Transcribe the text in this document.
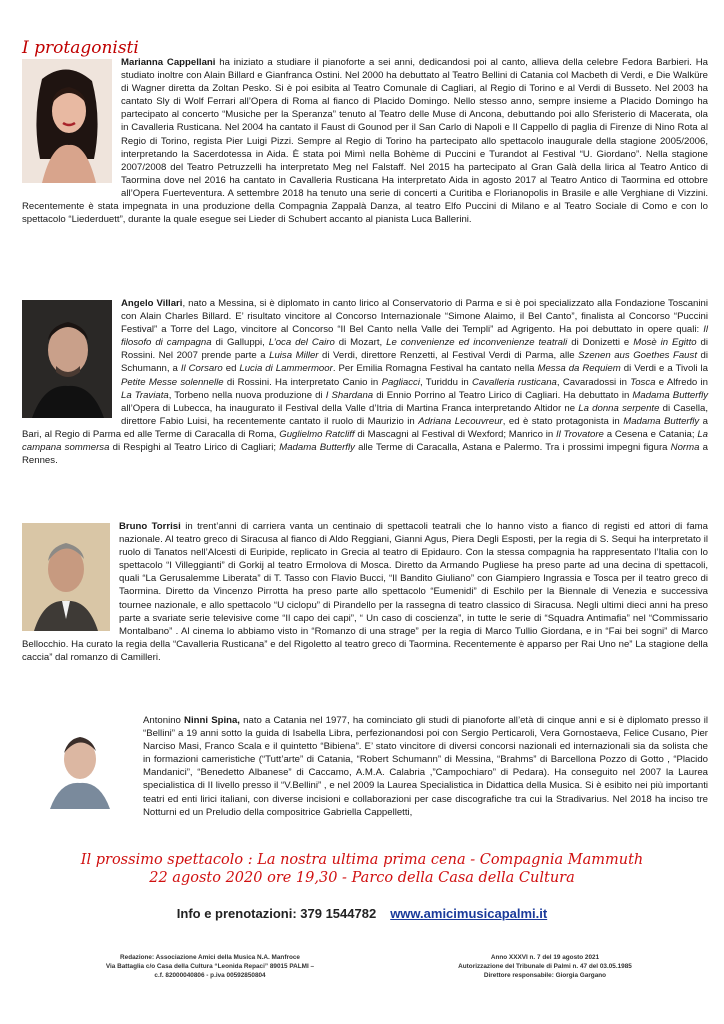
I protagonisti

Marianna Cappellani ha iniziato a studiare il pianoforte a sei anni, dedicandosi poi al canto, allieva della celebre Fedora Barbieri. Ha studiato inoltre con Alain Billard e Gianfranca Ostini. Nel 2000 ha debuttato al Teatro Bellini di Catania col Macbeth di Verdi, e Die Walküre di Wagner diretta da Zoltan Pesko. Si è poi esibita al Teatro Comunale di Cagliari, al Regio di Torino e al Verdi di Busseto. Nel 2003 ha cantato Sly di Wolf Ferrari all’Opera di Roma al fianco di Placido Domingo. Nello stesso anno, sempre insieme a Placido Domingo ha partecipato al concerto “Musiche per la Speranza” tenuto al Teatro delle Muse di Ancona, debuttando poi allo Sferisterio di Macerata, ola in Cavalleria Rusticana. Nel 2004 ha cantato il Faust di Gounod per il San Carlo di Napoli e Il Cappello di paglia di Firenze di Nino Rota al Regio di Torino, regista Pier Luigi Pizzi. Sempre al Regio di Torino ha partecipato allo spettacolo inaugurale della stagione 2005/2006, interpretando la Sacerdotessa in Aida. È stata poi Mimì nella Bohème di Puccini e Turandot al Festival “U. Giordano”. Nella stagione 2007/2008 del Teatro Petruzzelli ha interpretato Meg nel Falstaff. Nel 2015 ha partecipato al Gran Galà della lirica al Teatro Antico di Taormina dove nel 2016 ha cantato in Cavalleria Rusticana Ha interpretato Aida in agosto 2017 al Teatro Antico di Taormina ed ottobre all’Opera Fuerteventura. A settembre 2018 ha tenuto una serie di concerti a Curitiba e Florianopolis in Brasile e alle Verghiane di Vizzini. Recentemente è stata impegnata in una produzione della Compagnia Zappalà Danza, al teatro Elfo Puccini di Milano e al Teatro Sociale di Como e con lo spettacolo “Liederduett”, durante la quale esegue sei Lieder di Schubert accanto al pianista Luca Ballerini.

Angelo Villari, nato a Messina, si è diplomato in canto lirico al Conservatorio di Parma e si è poi specializzato alla Fondazione Toscanini con Alain Charles Billard. E’ risultato vincitore al Concorso Internazionale “Simone Alaimo, il Bel Canto”, finalista al Concorso “Puccini Festival” a Torre del Lago, vincitore al Concorso “Il Bel Canto nella Valle dei Templi” ad Agrigento. Ha poi debuttato in opere quali: Il filosofo di campagna di Galluppi, L’oca del Cairo di Mozart, Le convenienze ed inconvenienze teatrali di Donizetti e Mosè in Egitto di Rossini. Nel 2007 prende parte a Luisa Miller di Verdi, direttore Renzetti, al Festival Verdi di Parma, alle Szenen aus Goethes Faust di Schumann, a Il Corsaro ed Lucia di Lammermoor. Per Emilia Romagna Festival ha cantato nella Messa da Requiem di Verdi e a Tivoli la Petite Messe solennelle di Rossini. Ha interpretato Canio in Pagliacci, Turiddu in Cavalleria rusticana, Cavaradossi in Tosca e Alfredo in La Traviata, Torbeno nella nuova produzione di I Shardana di Ennio Porrino al Teatro Lirico di Cagliari. Ha debuttato in Madama Butterfly all’Opera di Lubecca, ha inaugurato il Festival della Valle d’Itria di Martina Franca interpretando Altidor ne La donna serpente di Casella, direttore Fabio Luisi, ha recentemente cantato il ruolo di Maurizio in Adriana Lecouvreur, ed è stato protagonista in Madama Butterfly a Bari, al Regio di Parma ed alle Terme di Caracalla di Roma, Guglielmo Ratcliff di Mascagni al Festival di Wexford; Manrico in Il Trovatore a Cesena e Catania; La campana sommersa di Respighi al Teatro Lirico di Cagliari; Madama Butterfly alle Terme di Caracalla, Astana e Palermo. Tra i prossimi impegni figura Norma a Rennes.

Bruno Torrisi in trent’anni di carriera vanta un centinaio di spettacoli teatrali che lo hanno visto a fianco di registi ed attori di fama nazionale. Al teatro greco di Siracusa al fianco di Aldo Reggiani, Gianni Agus, Piera Degli Esposti, per la regia di S. Sequi ha interpretato il ruolo di Tanatos nell’Alcesti di Euripide, replicato in Grecia al teatro di Epidauro. Con la stessa compagnia ha rappresentato l’Italia con lo spettacolo “I Villeggianti” di Gorkij al teatro Ermolova di Mosca. Diretto da Armando Pugliese ha preso parte ad una decina di spettacoli, quali “La Gerusalemme Liberata” di T. Tasso con Flavio Bucci, “Il Bandito Giuliano” con Giampiero Ingrassia e Tosca per il teatro greco di Taormina. Diretto da Vincenzo Pirrotta ha preso parte allo spettacolo “Eumenidi” di Eschilo per la Biennale di Venezia e successiva tournee nazionale, e allo spettacolo “U ciclopu” di Pirandello per la rassegna di teatro classico di Siracusa. Negli ultimi dieci anni ha preso parte a svariate serie televisive come “Il capo dei capi”, “ Un caso di coscienza”, in tutte le serie di “Squadra Antimafia” nel “Commissario Montalbano” . Al cinema lo abbiamo visto in “Romanzo di una strage” per la regia di Marco Tullio Giordana, e in “Fai bei sogni” di Marco Bellocchio. Ha curato la regia della “Cavalleria Rusticana” e del Rigoletto al teatro greco di Taormina. Recentemente è apparso per Rai Uno ne” La stagione della caccia” dal romanzo di Camilleri.

Antonino Ninni Spina, nato a Catania nel 1977, ha cominciato gli studi di pianoforte all’età di cinque anni e si è diplomato presso il “Bellini” a 19 anni sotto la guida di Isabella Libra, perfezionandosi poi con Sergio Perticaroli, Vera Gornostaeva, Felice Cusano, Pier Narciso Masi, Franco Scala e il quintetto “Bibiena”. E’ stato vincitore di diversi concorsi nazionali ed internazionali sia da solista che in formazioni cameristiche (“Tutt’arte” di Catania, “Robert Schumann” di Messina, “Brahms” di Barcellona Pozzo di Gotto , “Placido Mandanici”, “Benedetto Albanese” di Caccamo, A.M.A. Calabria ,”Campochiaro” di Pedara). Ha conseguito nel 2007 la Laurea specialistica di II livello presso il “V.Bellini” , e nel 2009 la Laurea Specialistica in Didattica della Musica. Si è esibito nei più importanti teatri ed enti lirici italiani, con diverse incisioni e collaborazioni per case discografiche tra cui la Stradivarius. Nel 2018 ha inciso tre Notturni ed un Preludio della compositrice Gabriella Cappelletti,

Il prossimo spettacolo : La nostra ultima prima cena - Compagnia Mammuth
22 agosto 2020 ore 19,30 - Parco della Casa della Cultura
Info e prenotazioni: 379 1544782 www.amicimusicapalmi.it
Redazione: Associazione Amici della Musica N.A. Manfroce
Via Battaglia c/o Casa della Cultura “Leonida Repaci” 89015 PALMI –
c.f. 82000040806 - p.iva 00592850804
Anno XXXVI n. 7 del 19 agosto 2021
Autorizzazione del Tribunale di Palmi n. 47 del 03.05.1985
Direttore responsabile: Giorgia Gargano
